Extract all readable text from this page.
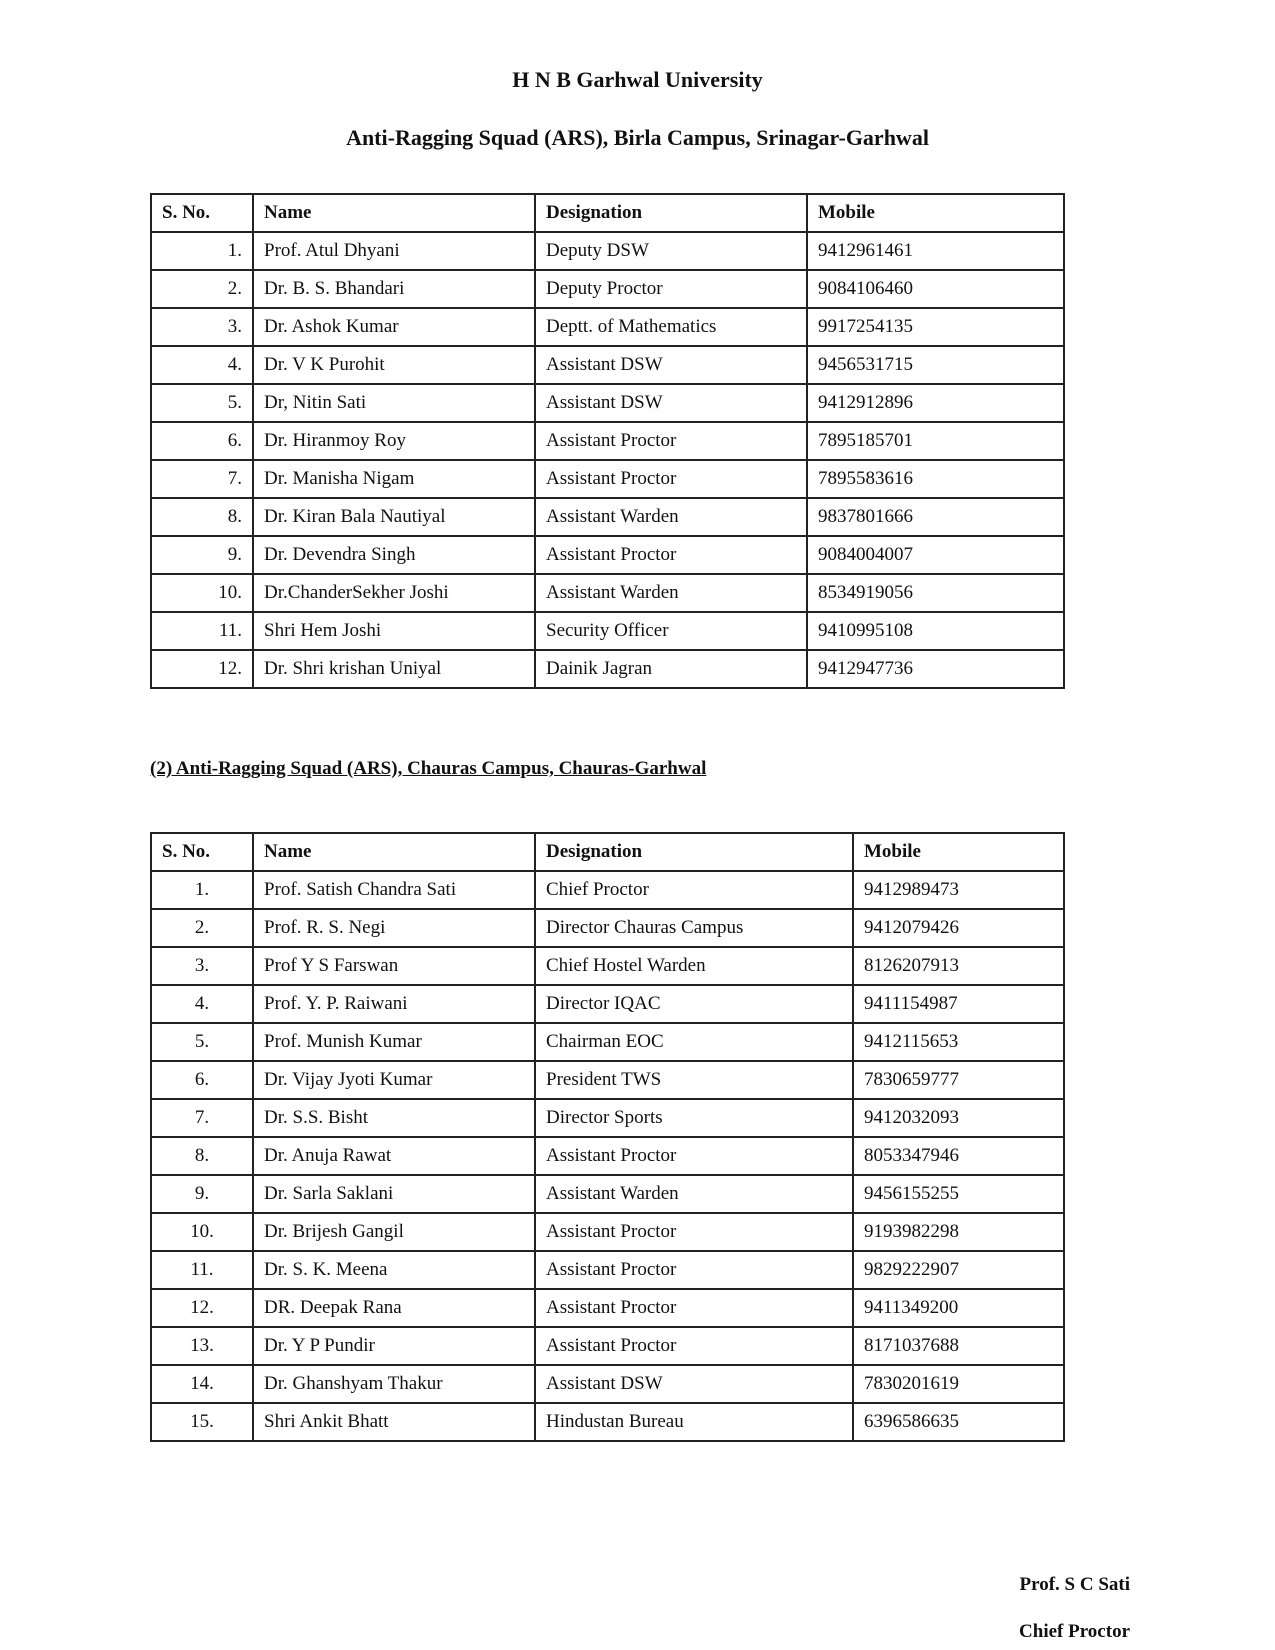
H N B Garhwal University
Anti-Ragging Squad (ARS), Birla Campus, Srinagar-Garhwal
S. No.	Name	Designation	Mobile
1.	Prof. Atul Dhyani	Deputy DSW	9412961461
2.	Dr. B. S. Bhandari	Deputy Proctor	9084106460
3.	Dr. Ashok Kumar	Deptt. of Mathematics	9917254135
4.	Dr. V K Purohit	Assistant DSW	9456531715
5.	Dr, Nitin Sati	Assistant DSW	9412912896
6.	Dr. Hiranmoy Roy	Assistant Proctor	7895185701
7.	Dr. Manisha Nigam	Assistant Proctor	7895583616
8.	Dr. Kiran Bala Nautiyal	Assistant Warden	9837801666
9.	Dr. Devendra Singh	Assistant Proctor	9084004007
10.	Dr.ChanderSekher Joshi	Assistant Warden	8534919056
11.	Shri Hem Joshi	Security Officer	9410995108
12.	Dr. Shri krishan Uniyal	Dainik Jagran	9412947736

(2) Anti-Ragging Squad (ARS), Chauras Campus, Chauras-Garhwal

S. No.	Name	Designation	Mobile
1.	Prof. Satish Chandra Sati	Chief Proctor	9412989473
2.	Prof. R. S. Negi	Director Chauras Campus	9412079426
3.	Prof Y S Farswan	Chief Hostel Warden	8126207913
4.	Prof. Y. P. Raiwani	Director IQAC	9411154987
5.	Prof. Munish Kumar	Chairman EOC	9412115653
6.	Dr. Vijay Jyoti Kumar	President TWS	7830659777
7.	Dr. S.S. Bisht	Director Sports	9412032093
8.	Dr. Anuja Rawat	Assistant Proctor	8053347946
9.	Dr. Sarla Saklani	Assistant Warden	9456155255
10.	Dr. Brijesh Gangil	Assistant Proctor	9193982298
11.	Dr. S. K. Meena	Assistant Proctor	9829222907
12.	DR. Deepak Rana	Assistant Proctor	9411349200
13.	Dr. Y P Pundir	Assistant Proctor	8171037688
14.	Dr. Ghanshyam Thakur	Assistant DSW	7830201619
15.	Shri Ankit Bhatt	Hindustan Bureau	6396586635

Prof. S C Sati

Chief Proctor
